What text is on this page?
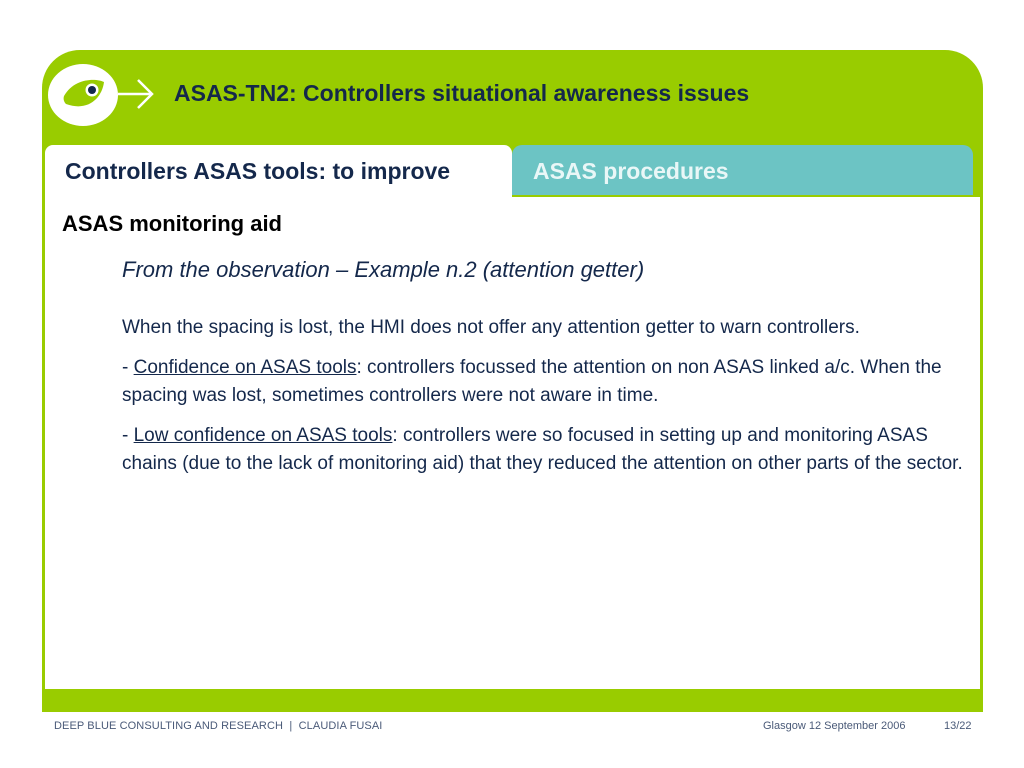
ASAS-TN2: Controllers situational awareness issues
ASAS procedures
Controllers ASAS tools: to improve
ASAS monitoring aid
From the observation – Example n.2 (attention getter)

When the spacing is lost, the HMI does not offer any attention getter to warn controllers.

- Confidence on ASAS tools: controllers focussed the attention on non ASAS linked a/c. When the spacing was lost, sometimes controllers were not aware in time.

- Low confidence on ASAS tools: controllers were so focused in setting up and monitoring ASAS chains (due to the lack of monitoring aid) that they reduced the attention on other parts of the sector.

DEEP BLUE CONSULTING AND RESEARCH  |  CLAUDIA FUSAI	Glasgow 12 September 2006	13/22
